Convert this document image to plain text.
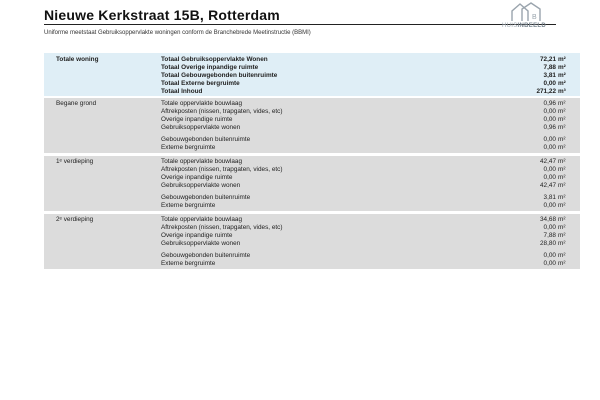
Nieuwe Kerkstraat 15B, Rotterdam	B
HUISINBEELD
Uniforme meetstaat Gebruiksoppervlakte woningen conform de Branchebrede Meetinstructie (BBMI)
Totale woning	Totaal Gebruiksoppervlakte Wonen	72,21 m²
Totaal Overige inpandige ruimte	7,88 m²
Totaal Gebouwgebonden buitenruimte	3,81 m²
Totaal Externe bergruimte	0,00 m²
Totaal Inhoud	271,22 m³
Begane grond	Totale oppervlakte bouwlaag	0,96 m²
Aftrekposten (nissen, trapgaten, vides, etc)	0,00 m²
Overige inpandige ruimte	0,00 m²
Gebruiksoppervlakte wonen	0,96 m²
Gebouwgebonden buitenruimte	0,00 m²
Externe bergruimte	0,00 m²
1ᵉ verdieping	Totale oppervlakte bouwlaag	42,47 m²
Aftrekposten (nissen, trapgaten, vides, etc)	0,00 m²
Overige inpandige ruimte	0,00 m²
Gebruiksoppervlakte wonen	42,47 m²
Gebouwgebonden buitenruimte	3,81 m²
Externe bergruimte	0,00 m²
2ᵉ verdieping	Totale oppervlakte bouwlaag	34,68 m²
Aftrekposten (nissen, trapgaten, vides, etc)	0,00 m²
Overige inpandige ruimte	7,88 m²
Gebruiksoppervlakte wonen	28,80 m²
Gebouwgebonden buitenruimte	0,00 m²
Externe bergruimte	0,00 m²
